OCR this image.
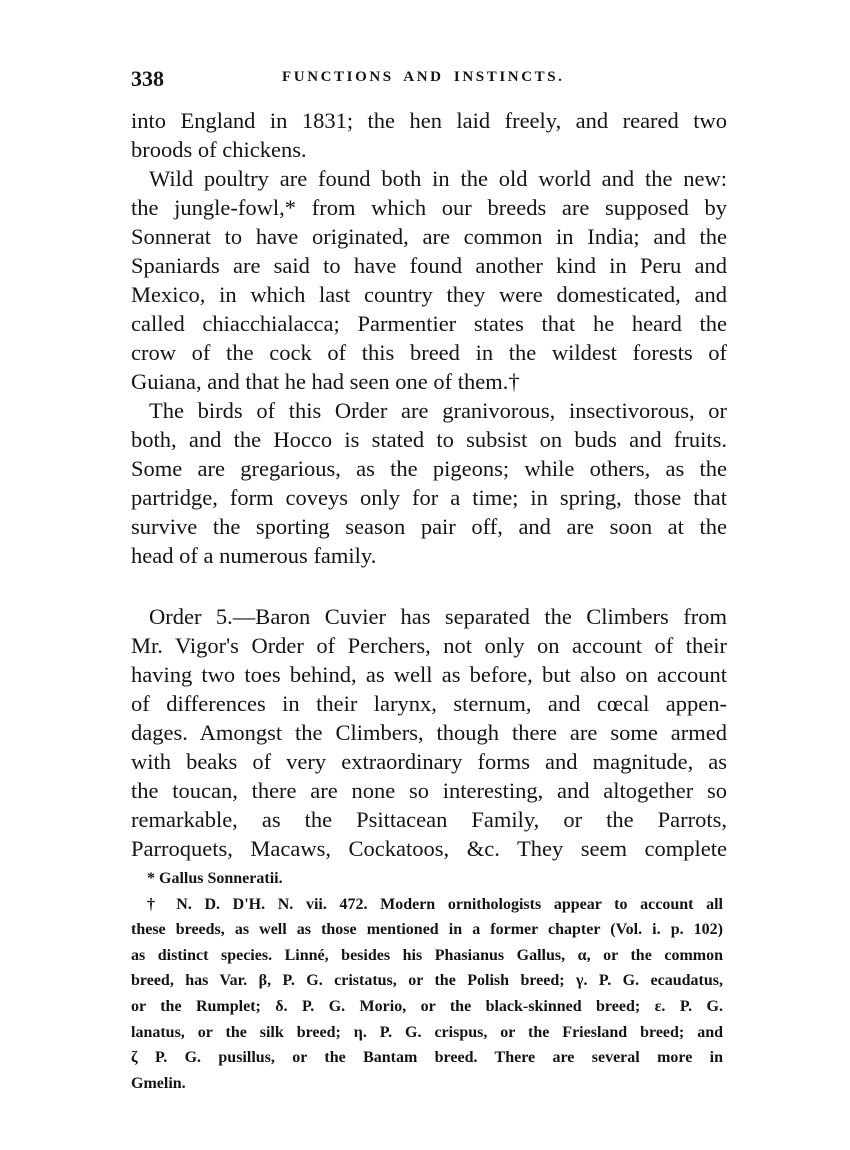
338	FUNCTIONS AND INSTINCTS.
into England in 1831; the hen laid freely, and reared two
broods of chickens.
Wild poultry are found both in the old world and the new:
the jungle-fowl,* from which our breeds are supposed by
Sonnerat to have originated, are common in India; and the
Spaniards are said to have found another kind in Peru and
Mexico, in which last country they were domesticated, and
called chiacchialacca; Parmentier states that he heard the
crow of the cock of this breed in the wildest forests of
Guiana, and that he had seen one of them.†
The birds of this Order are granivorous, insectivorous, or
both, and the Hocco is stated to subsist on buds and fruits.
Some are gregarious, as the pigeons; while others, as the
partridge, form coveys only for a time; in spring, those that
survive the sporting season pair off, and are soon at the
head of a numerous family.
Order 5.—Baron Cuvier has separated the Climbers from
Mr. Vigor's Order of Perchers, not only on account of their
having two toes behind, as well as before, but also on account
of differences in their larynx, sternum, and cœcal appen-
dages. Amongst the Climbers, though there are some armed
with beaks of very extraordinary forms and magnitude, as
the toucan, there are none so interesting, and altogether so
remarkable, as the Psittacean Family, or the Parrots,
Parroquets, Macaws, Cockatoos, &c. They seem complete
* Gallus Sonneratii.
† N. D. D'H. N. vii. 472. Modern ornithologists appear to account all
these breeds, as well as those mentioned in a former chapter (Vol. i. p. 102)
as distinct species. Linné, besides his Phasianus Gallus, α, or the common
breed, has Var. β, P. G. cristatus, or the Polish breed; γ. P. G. ecaudatus,
or the Rumplet; δ. P. G. Morio, or the black-skinned breed; ε. P. G.
lanatus, or the silk breed; η. P. G. crispus, or the Friesland breed; and
ζ P. G. pusillus, or the Bantam breed. There are several more in
Gmelin.
